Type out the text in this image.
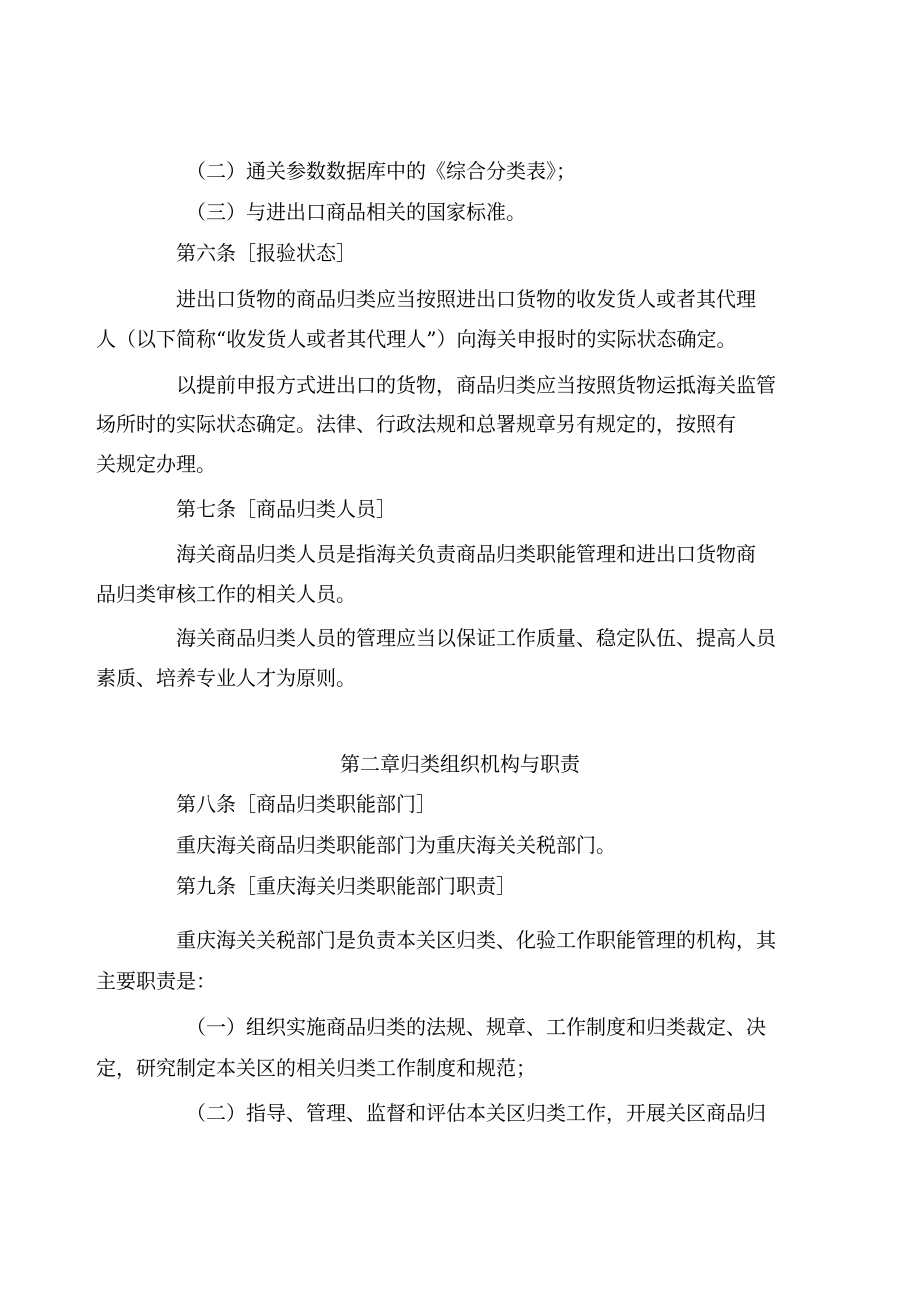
（二）通关参数数据库中的《综合分类表》；

（三）与进出口商品相关的国家标准。

第六条［报验状态］

进出口货物的商品归类应当按照进出口货物的收发货人或者其代理

人（以下简称“收发货人或者其代理人”）向海关申报时的实际状态确定。

以提前申报方式进出口的货物，商品归类应当按照货物运抵海关监管

场所时的实际状态确定。法律、行政法规和总署规章另有规定的，按照有

关规定办理。

第七条［商品归类人员］

海关商品归类人员是指海关负责商品归类职能管理和进出口货物商

品归类审核工作的相关人员。

海关商品归类人员的管理应当以保证工作质量、稳定队伍、提高人员

素质、培养专业人才为原则。

第二章归类组织机构与职责

第八条［商品归类职能部门］

重庆海关商品归类职能部门为重庆海关关税部门。

第九条［重庆海关归类职能部门职责］

重庆海关关税部门是负责本关区归类、化验工作职能管理的机构，其

主要职责是：

（一）组织实施商品归类的法规、规章、工作制度和归类裁定、决

定，研究制定本关区的相关归类工作制度和规范；

（二）指导、管理、监督和评估本关区归类工作，开展关区商品归
